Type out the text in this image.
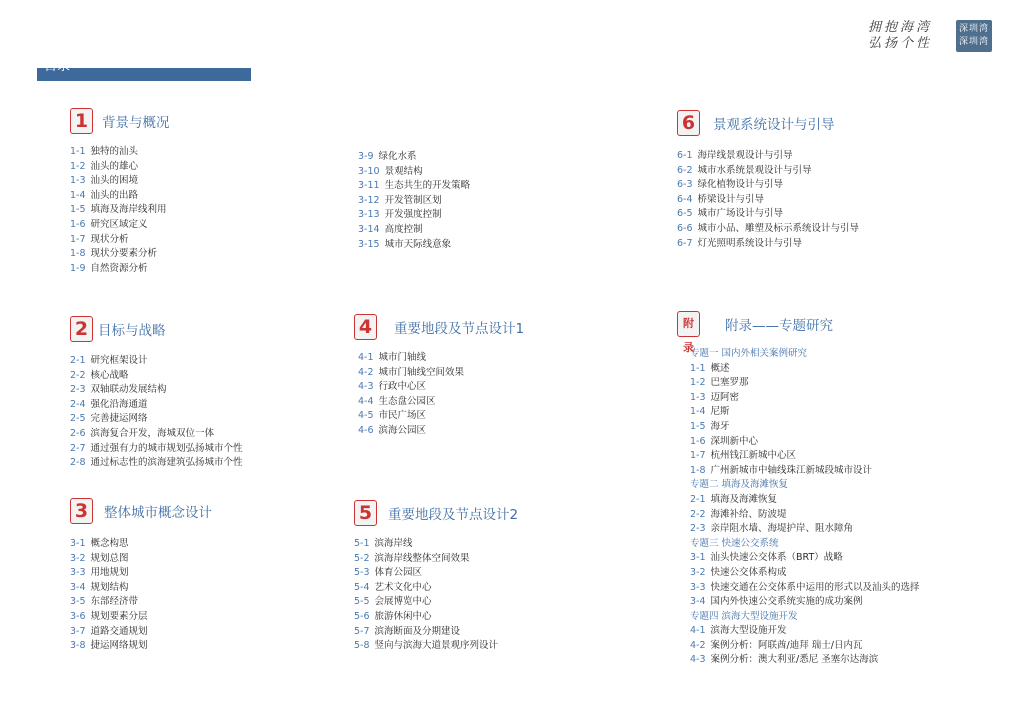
拥抱海湾
弘扬个性
深圳湾
深圳湾
目录
1	背景与概况
1-1 独特的汕头
1-2 汕头的雄心
1-3 汕头的困境
1-4 汕头的出路
1-5 填海及海岸线利用
1-6 研究区域定义
1-7 现状分析
1-8 现状分要素分析
1-9 自然资源分析
3-9 绿化水系
3-10 景观结构
3-11 生态共生的开发策略
3-12 开发管制区划
3-13 开发强度控制
3-14 高度控制
3-15 城市天际线意象
6	景观系统设计与引导
6-1 海岸线景观设计与引导
6-2 城市水系统景观设计与引导
6-3 绿化植物设计与引导
6-4 桥梁设计与引导
6-5 城市广场设计与引导
6-6 城市小品、雕塑及标示系统设计与引导
6-7 灯光照明系统设计与引导
2 目标与战略
2-1 研究框架设计
2-2 核心战略
2-3 双轴联动发展结构
2-4 强化沿海通道
2-5 完善捷运网络
2-6 滨海复合开发，海城双位一体
2-7 通过强有力的城市规划弘扬城市个性
2-8 通过标志性的滨海建筑弘扬城市个性
4	重要地段及节点设计1
4-1 城市门轴线
4-2 城市门轴线空间效果
4-3 行政中心区
4-4 生态盘公园区
4-5 市民广场区
4-6 滨海公园区
附录
附录——专题研究
专题一 国内外相关案例研究
1-1 概述
1-2 巴塞罗那
1-3 迈阿密
1-4 尼斯
1-5 海牙
1-6 深圳新中心
1-7 杭州钱江新城中心区
1-8 广州新城市中轴线珠江新城段城市设计
专题二 填海及海滩恢复
2-1 填海及海滩恢复
2-2 海滩补给、防波堤
2-3 亲岸阻水墙、海堤护岸、阻水障角
专题三 快速公交系统
3-1 汕头快速公交体系（BRT）战略
3-2 快速公交体系构成
3-3 快速交通在公交体系中运用的形式以及汕头的选择
3-4 国内外快速公交系统实施的成功案例
专题四 滨海大型设施开发
4-1 滨海大型设施开发
4-2 案例分析：阿联酋/迪拜 瑞士/日内瓦
4-3 案例分析：澳大利亚/悉尼 圣塞尔达海滨
3	整体城市概念设计
3-1 概念构思
3-2 规划总图
3-3 用地规划
3-4 规划结构
3-5 东部经济带
3-6 规划要素分层
3-7 道路交通规划
3-8 捷运网络规划
5	重要地段及节点设计2
5-1 滨海岸线
5-2 滨海岸线整体空间效果
5-3 体育公园区
5-4 艺术文化中心
5-5 会展博览中心
5-6 旅游休闲中心
5-7 滨海断面及分期建设
5-8 竖向与滨海大道景观序列设计
